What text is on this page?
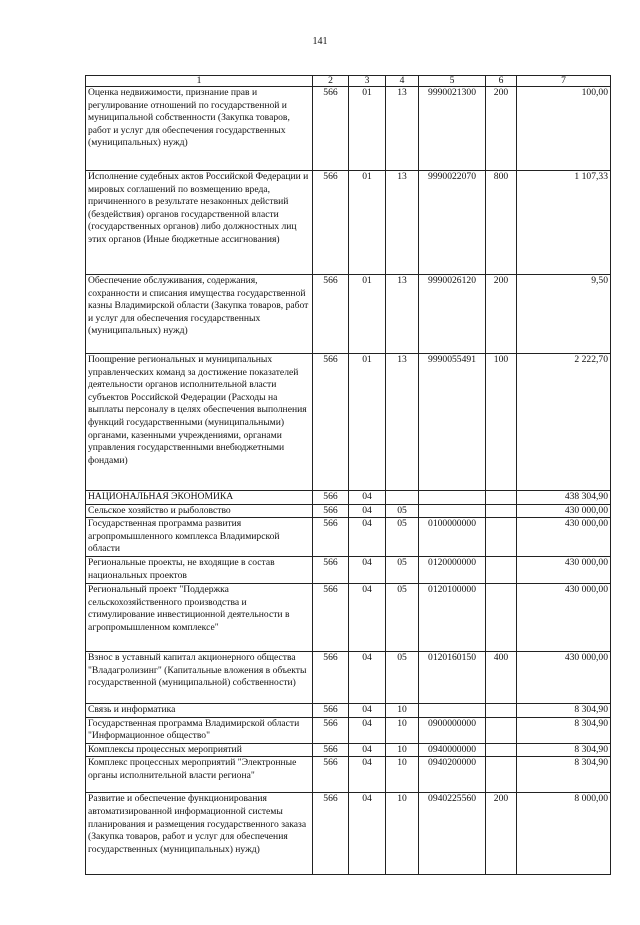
141
1	2	3	4	5	6	7
Оценка недвижимости, признание прав и регулирование отношений по государственной и муниципальной собственности (Закупка товаров, работ и услуг для обеспечения государственных (муниципальных) нужд)	566	01	13	9990021300	200	100,00
Исполнение судебных актов Российской Федерации и мировых соглашений по возмещению вреда, причиненного в результате незаконных действий (бездействия) органов государственной власти (государственных органов) либо должностных лиц этих органов (Иные бюджетные ассигнования)	566	01	13	9990022070	800	1 107,33
Обеспечение обслуживания, содержания, сохранности и списания имущества государственной казны Владимирской области (Закупка товаров, работ и услуг для обеспечения государственных (муниципальных) нужд)	566	01	13	9990026120	200	9,50
Поощрение региональных и муниципальных управленческих команд за достижение показателей деятельности органов исполнительной власти субъектов Российской Федерации (Расходы на выплаты персоналу в целях обеспечения выполнения функций государственными (муниципальными) органами, казенными учреждениями, органами управления государственными внебюджетными фондами)	566	01	13	9990055491	100	2 222,70
НАЦИОНАЛЬНАЯ ЭКОНОМИКА	566	04				438 304,90
Сельское хозяйство и рыболовство	566	04	05			430 000,00
Государственная программа развития агропромышленного комплекса Владимирской области	566	04	05	0100000000		430 000,00
Региональные проекты, не входящие в состав национальных проектов	566	04	05	0120000000		430 000,00
Региональный проект "Поддержка сельскохозяйственного производства и стимулирование инвестиционной деятельности в агропромышленном комплексе"	566	04	05	0120100000		430 000,00
Взнос в уставный капитал акционерного общества "Владагролизинг" (Капитальные вложения в объекты государственной (муниципальной) собственности)	566	04	05	0120160150	400	430 000,00
Связь и информатика	566	04	10			8 304,90
Государственная программа Владимирской области "Информационное общество"	566	04	10	0900000000		8 304,90
Комплексы процессных мероприятий	566	04	10	0940000000		8 304,90
Комплекс процессных мероприятий "Электронные органы исполнительной власти региона"	566	04	10	0940200000		8 304,90
Развитие и обеспечение функционирования автоматизированной информационной системы планирования и размещения государственного заказа (Закупка товаров, работ и услуг для обеспечения государственных (муниципальных) нужд)	566	04	10	0940225560	200	8 000,00
